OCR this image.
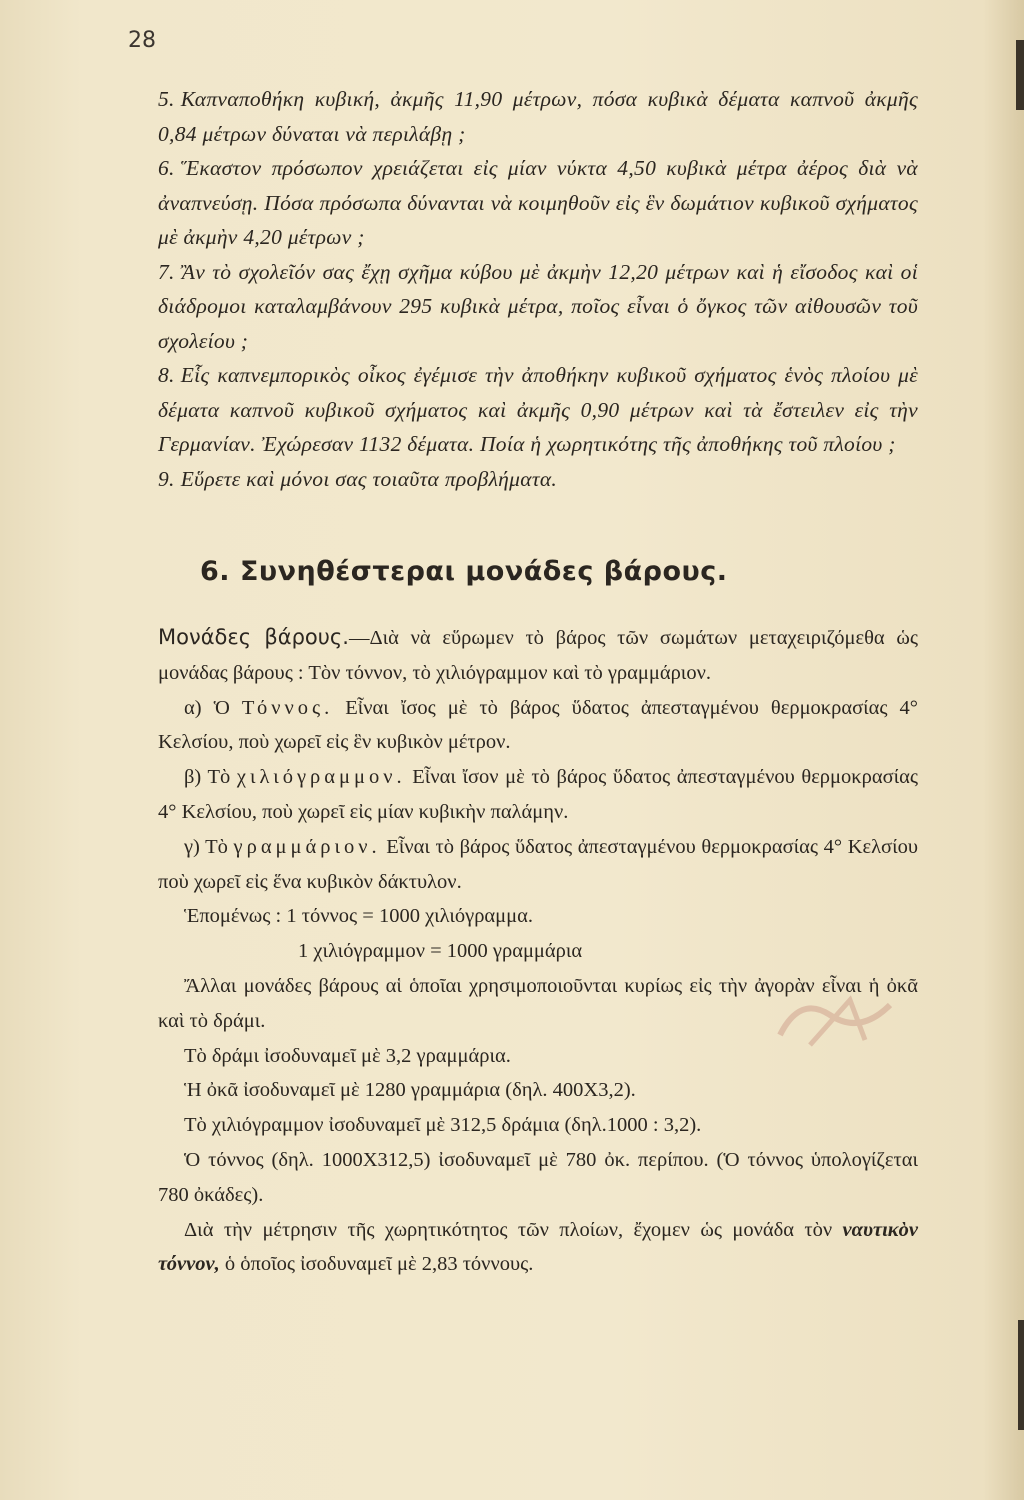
28

5. Καπναποθήκη κυβική, ἀκμῆς 11,90 μέτρων, πόσα κυβικὰ δέματα καπνοῦ ἀκμῆς 0,84 μέτρων δύναται νὰ περιλάβῃ ;

6. Ἕκαστον πρόσωπον χρειάζεται εἰς μίαν νύκτα 4,50 κυβικὰ μέτρα ἀέρος διὰ νὰ ἀναπνεύσῃ. Πόσα πρόσωπα δύνανται νὰ κοιμηθοῦν εἰς ἓν δωμάτιον κυβικοῦ σχήματος μὲ ἀκμὴν 4,20 μέτρων ;

7. Ἂν τὸ σχολεῖόν σας ἔχῃ σχῆμα κύβου μὲ ἀκμὴν 12,20 μέτρων καὶ ἡ εἴσοδος καὶ οἱ διάδρομοι καταλαμβάνουν 295 κυβικὰ μέτρα, ποῖος εἶναι ὁ ὄγκος τῶν αἰθουσῶν τοῦ σχολείου ;

8. Εἷς καπνεμπορικὸς οἶκος ἐγέμισε τὴν ἀποθήκην κυβικοῦ σχήματος ἑνὸς πλοίου μὲ δέματα καπνοῦ κυβικοῦ σχήματος καὶ ἀκμῆς 0,90 μέτρων καὶ τὰ ἔστειλεν εἰς τὴν Γερμανίαν. Ἐχώρεσαν 1132 δέματα. Ποία ἡ χωρητικότης τῆς ἀποθήκης τοῦ πλοίου ;

9. Εὕρετε καὶ μόνοι σας τοιαῦτα προβλήματα.

6. Συνηθέστεραι μονάδες βάρους.

Μονάδες βάρους.—Διὰ νὰ εὕρωμεν τὸ βάρος τῶν σωμάτων μεταχειριζόμεθα ὡς μονάδας βάρους : Τὸν τόννον, τὸ χιλιόγραμμον καὶ τὸ γραμμάριον.

α) Ὁ Τόννος. Εἶναι ἴσος μὲ τὸ βάρος ὕδατος ἀπεσταγμένου θερμοκρασίας 4° Κελσίου, ποὺ χωρεῖ εἰς ἓν κυβικὸν μέτρον.

β) Τὸ χιλιόγραμμον. Εἶναι ἴσον μὲ τὸ βάρος ὕδατος ἀπεσταγμένου θερμοκρασίας 4° Κελσίου, ποὺ χωρεῖ εἰς μίαν κυβικὴν παλάμην.

γ) Τὸ γραμμάριον. Εἶναι τὸ βάρος ὕδατος ἀπεσταγμένου θερμοκρασίας 4° Κελσίου ποὺ χωρεῖ εἰς ἕνα κυβικὸν δάκτυλον.

Ἑπομένως : 1 τόννος = 1000 χιλιόγραμμα.

1 χιλιόγραμμον = 1000 γραμμάρια

Ἄλλαι μονάδες βάρους αἱ ὁποῖαι χρησιμοποιοῦνται κυρίως εἰς τὴν ἀγορὰν εἶναι ἡ ὀκᾶ καὶ τὸ δράμι.

Τὸ δράμι ἰσοδυναμεῖ μὲ 3,2 γραμμάρια.

Ἡ ὀκᾶ ἰσοδυναμεῖ μὲ 1280 γραμμάρια (δηλ. 400X3,2).

Τὸ χιλιόγραμμον ἰσοδυναμεῖ μὲ 312,5 δράμια (δηλ.1000 : 3,2).

Ὁ τόννος (δηλ. 1000X312,5) ἰσοδυναμεῖ μὲ 780 ὀκ. περίπου. (Ὁ τόννος ὑπολογίζεται 780 ὀκάδες).

Διὰ τὴν μέτρησιν τῆς χωρητικότητος τῶν πλοίων, ἔχομεν ὡς μονάδα τὸν ναυτικὸν τόννον, ὁ ὁποῖος ἰσοδυναμεῖ μὲ 2,83 τόννους.
